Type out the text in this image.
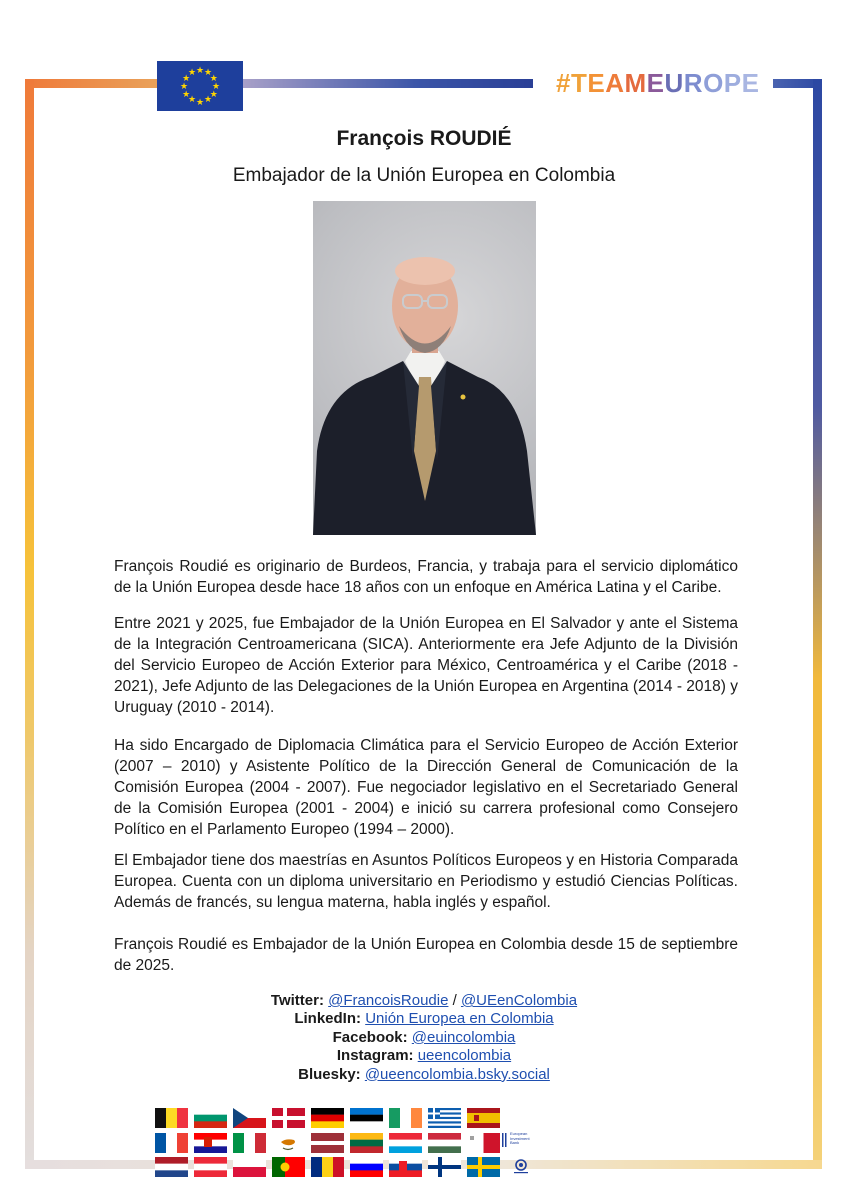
★ ★
★
★
★
★
★
★
★
★
★
★	#TEAMEUROPE
François ROUDIÉ
Embajador de la Unión Europea en Colombia
François Roudié es originario de Burdeos, Francia, y trabaja para el servicio diplomático de la Unión Europea desde hace 18 años con un enfoque en América Latina y el Caribe.
Entre 2021 y 2025, fue Embajador de la Unión Europea en El Salvador y ante el Sistema de la Integración Centroamericana (SICA). Anteriormente era Jefe Adjunto de la División del Servicio Europeo de Acción Exterior para México, Centroamérica y el Caribe (2018 - 2021), Jefe Adjunto de las Delegaciones de la Unión Europea en Argentina (2014 - 2018) y Uruguay (2010 - 2014).
Ha sido Encargado de Diplomacia Climática para el Servicio Europeo de Acción Exterior (2007 – 2010) y Asistente Político de la Dirección General de Comunicación de la Comisión Europea (2004 - 2007). Fue negociador legislativo en el Secretariado General de la Comisión Europea (2001 - 2004) e inició su carrera profesional como Consejero Político en el Parlamento Europeo (1994 – 2000).
El Embajador tiene dos maestrías en Asuntos Políticos Europeos y en Historia Comparada Europea. Cuenta con un diploma universitario en Periodismo y estudió Ciencias Políticas. Además de francés, su lengua materna, habla inglés y español.
François Roudié es Embajador de la Unión Europea en Colombia desde 15 de septiembre de 2025.
Twitter: @FrancoisRoudie / @UEenColombia
LinkedIn: Unión Europea en Colombia
Facebook: @euincolombia
Instagram: ueencolombia
Bluesky: @ueencolombia.bsky.social
European
Investment
Bank
